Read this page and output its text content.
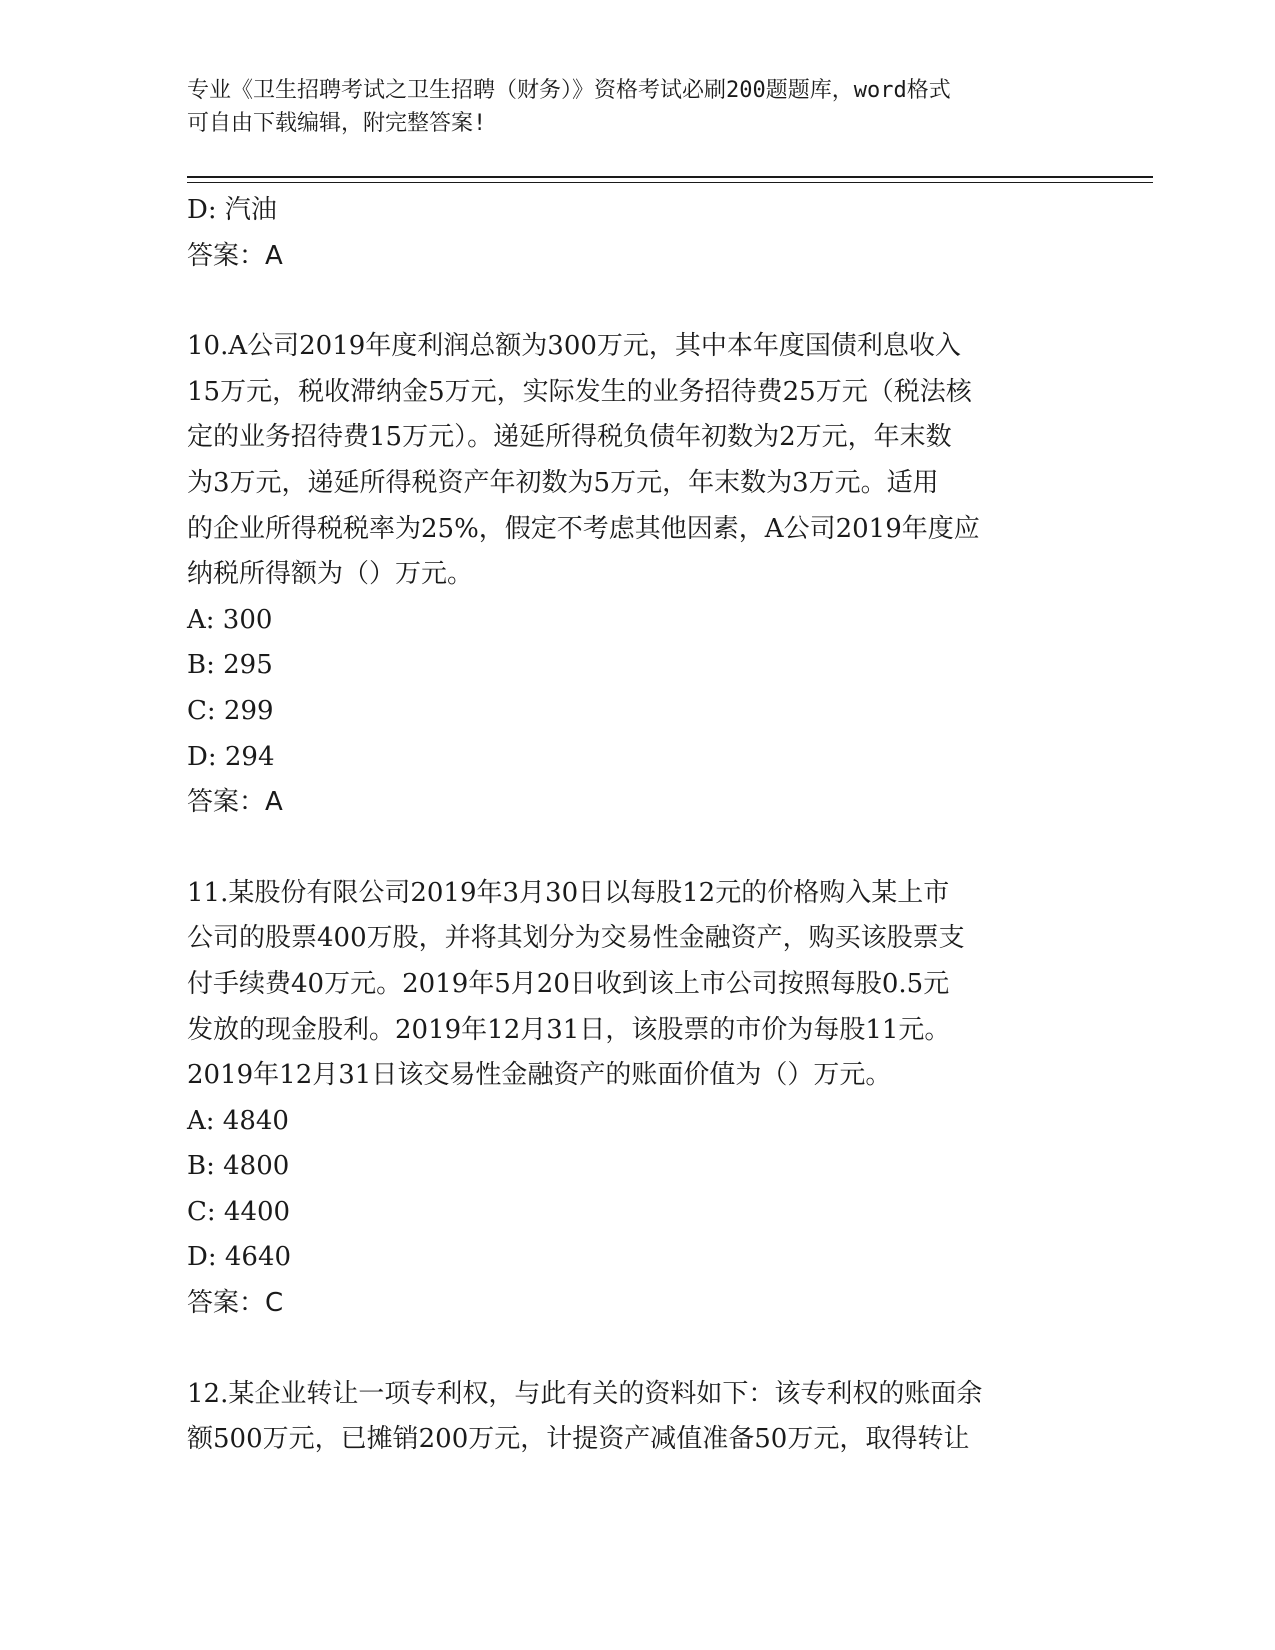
专业《卫生招聘考试之卫生招聘（财务）》资格考试必刷200题题库，word格式
可自由下载编辑，附完整答案!
D: 汽油
答案：A
10.A公司2019年度利润总额为300万元，其中本年度国债利息收入
15万元，税收滞纳金5万元，实际发生的业务招待费25万元（税法核
定的业务招待费15万元）。递延所得税负债年初数为2万元，年末数
为3万元，递延所得税资产年初数为5万元，年末数为3万元。适用
的企业所得税税率为25%，假定不考虑其他因素，A公司2019年度应
纳税所得额为（）万元。
A: 300
B: 295
C: 299
D: 294
答案：A
11.某股份有限公司2019年3月30日以每股12元的价格购入某上市
公司的股票400万股，并将其划分为交易性金融资产，购买该股票支
付手续费40万元。2019年5月20日收到该上市公司按照每股0.5元
发放的现金股利。2019年12月31日，该股票的市价为每股11元。
2019年12月31日该交易性金融资产的账面价值为（）万元。
A: 4840
B: 4800
C: 4400
D: 4640
答案：C
12.某企业转让一项专利权，与此有关的资料如下：该专利权的账面余
额500万元，已摊销200万元，计提资产减值准备50万元，取得转让
